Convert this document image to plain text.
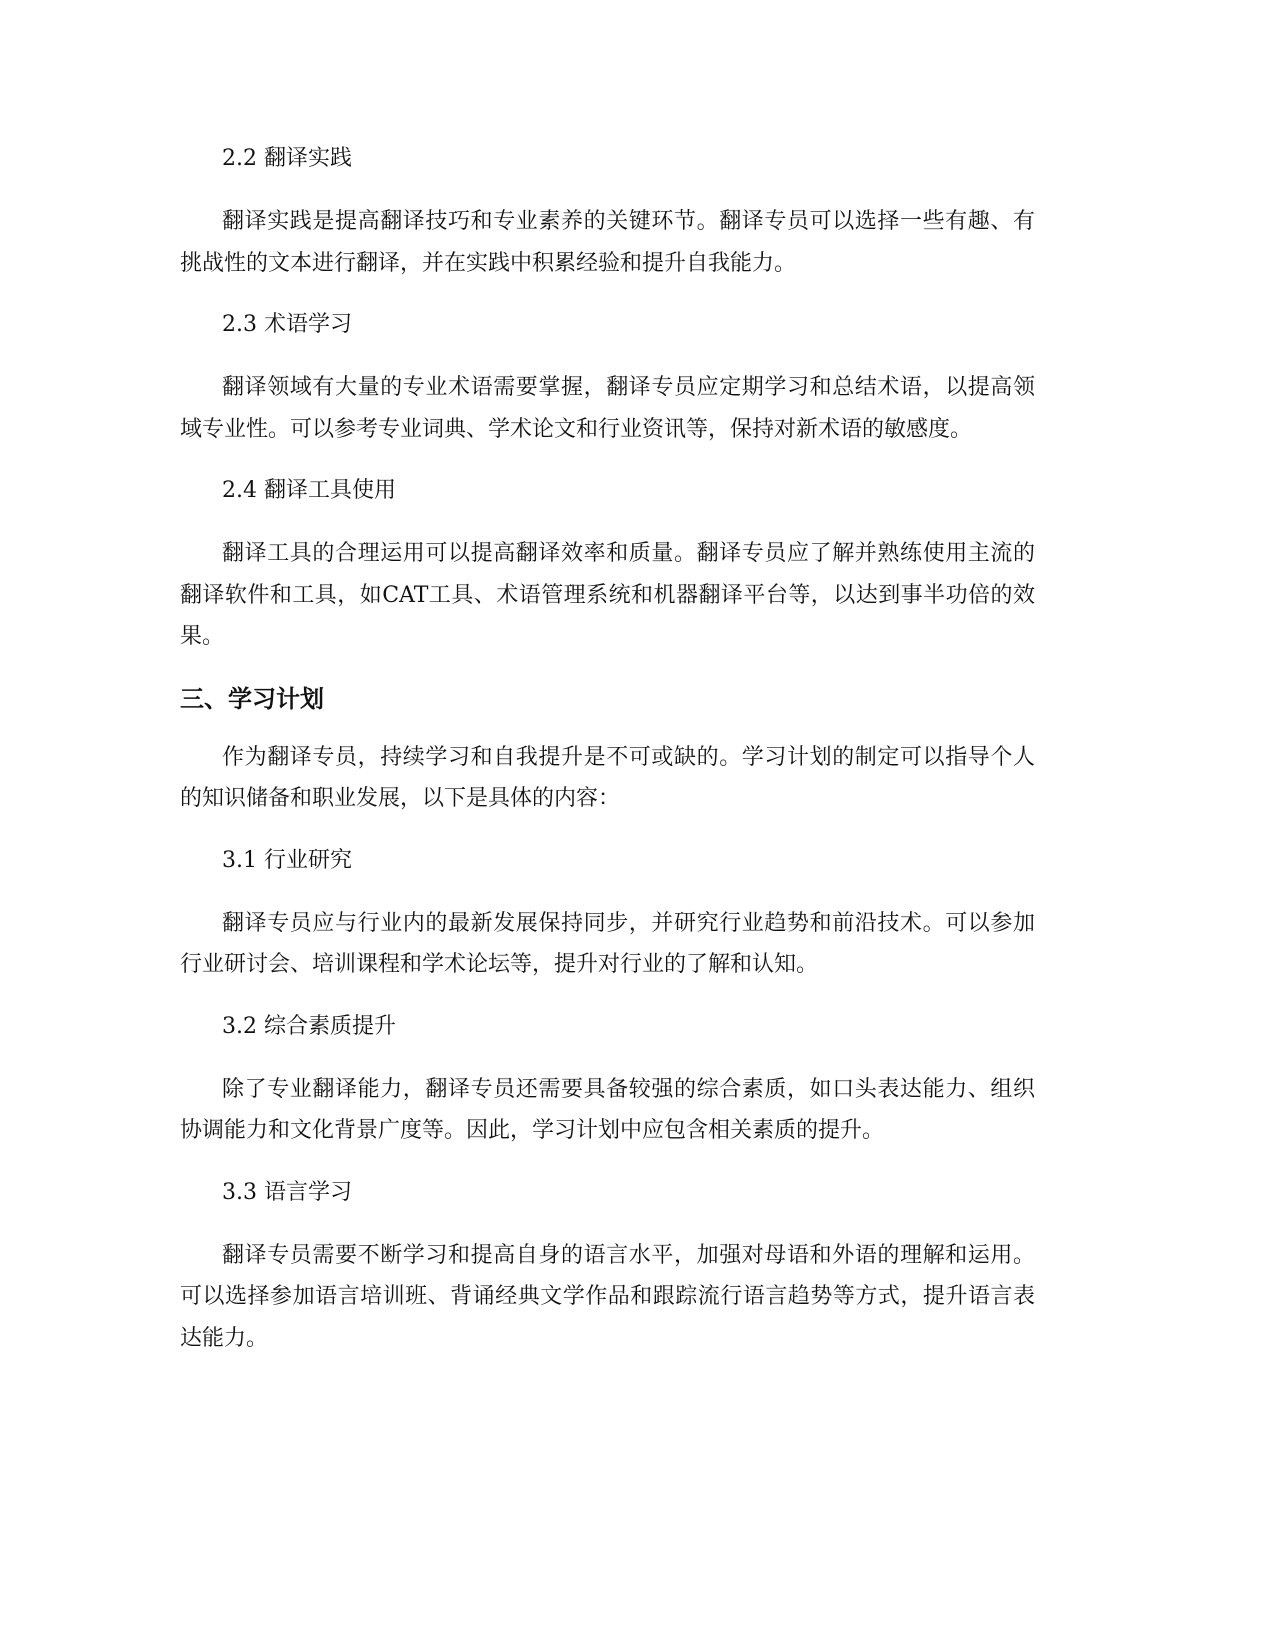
2.2 翻译实践

翻译实践是提高翻译技巧和专业素养的关键环节。翻译专员可以选择一些有趣、有挑战性的文本进行翻译，并在实践中积累经验和提升自我能力。

2.3 术语学习

翻译领域有大量的专业术语需要掌握，翻译专员应定期学习和总结术语，以提高领域专业性。可以参考专业词典、学术论文和行业资讯等，保持对新术语的敏感度。

2.4 翻译工具使用

翻译工具的合理运用可以提高翻译效率和质量。翻译专员应了解并熟练使用主流的翻译软件和工具，如CAT工具、术语管理系统和机器翻译平台等，以达到事半功倍的效果。

三、学习计划

作为翻译专员，持续学习和自我提升是不可或缺的。学习计划的制定可以指导个人的知识储备和职业发展，以下是具体的内容：

3.1 行业研究

翻译专员应与行业内的最新发展保持同步，并研究行业趋势和前沿技术。可以参加行业研讨会、培训课程和学术论坛等，提升对行业的了解和认知。

3.2 综合素质提升

除了专业翻译能力，翻译专员还需要具备较强的综合素质，如口头表达能力、组织协调能力和文化背景广度等。因此，学习计划中应包含相关素质的提升。

3.3 语言学习

翻译专员需要不断学习和提高自身的语言水平，加强对母语和外语的理解和运用。可以选择参加语言培训班、背诵经典文学作品和跟踪流行语言趋势等方式，提升语言表达能力。
